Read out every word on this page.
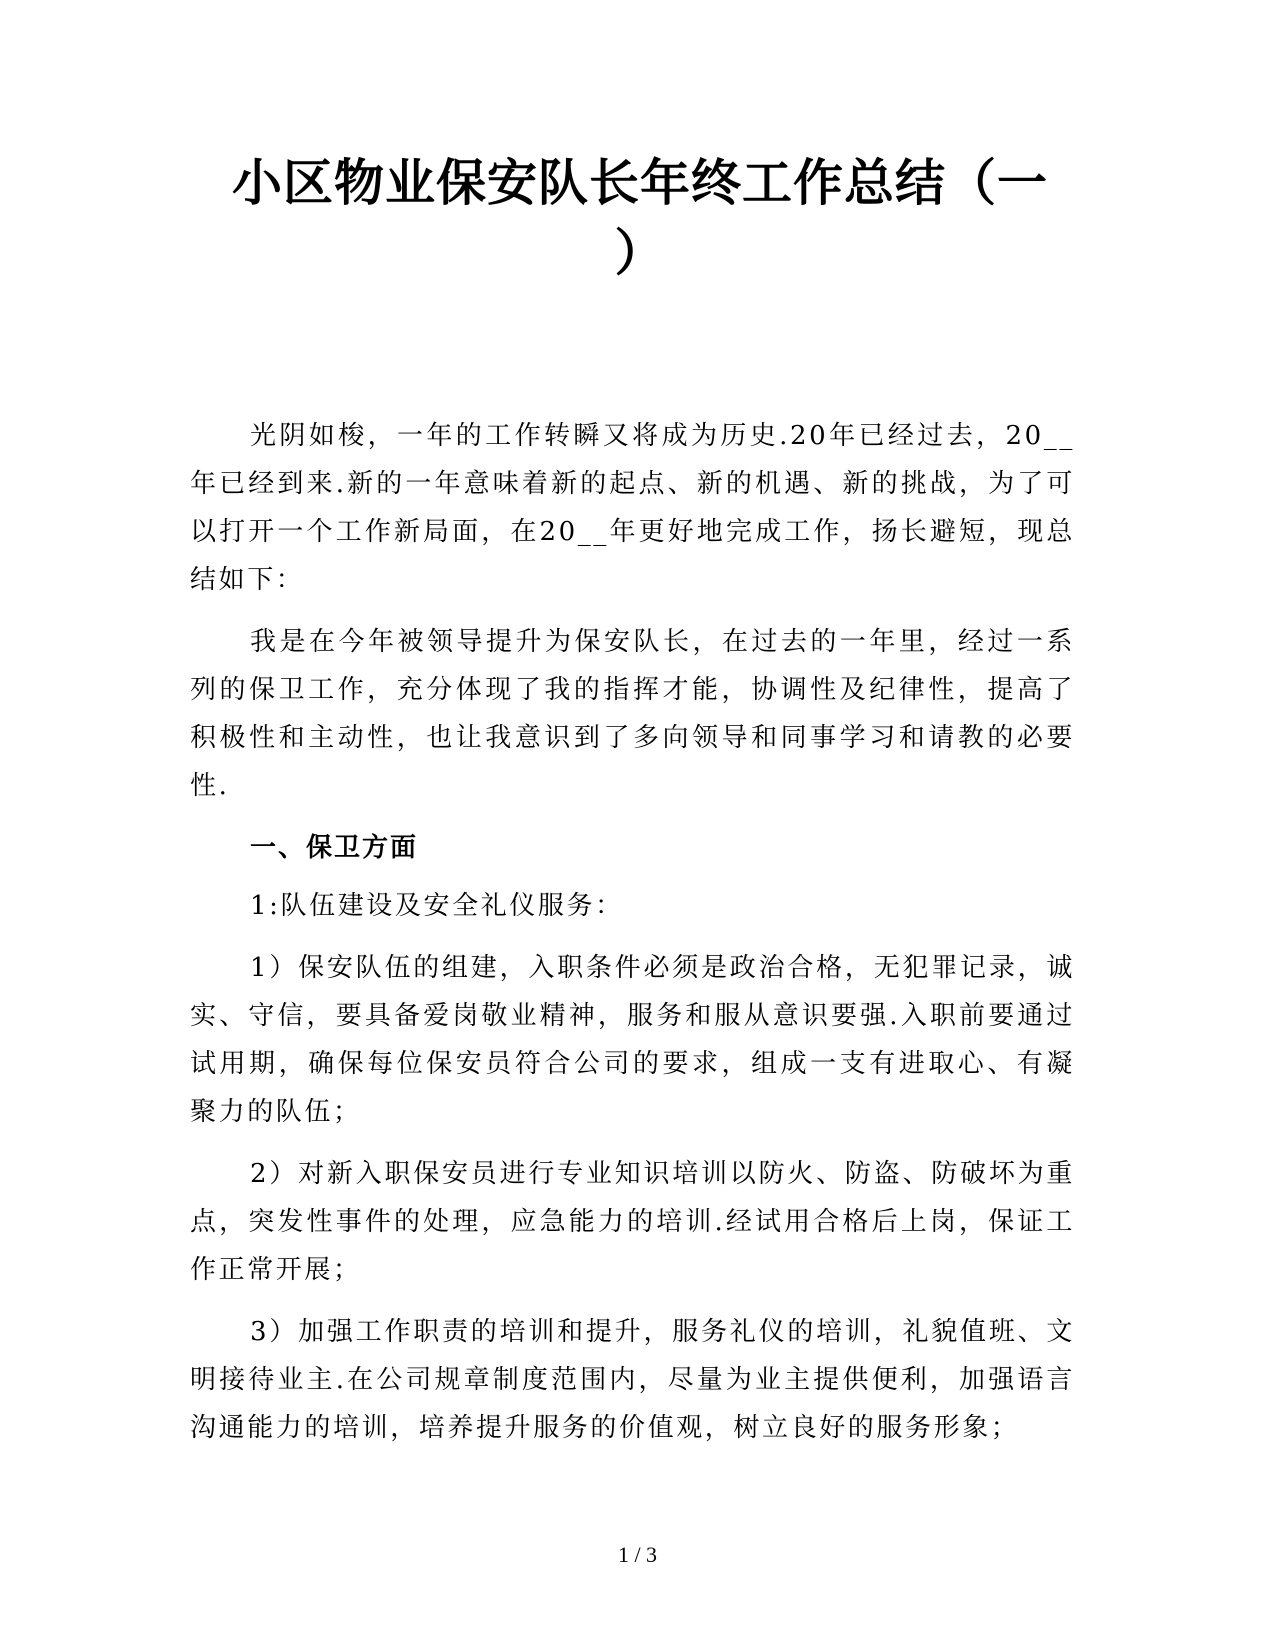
小区物业保安队长年终工作总结（一
）

光阴如梭，一年的工作转瞬又将成为历史.20年已经过去，20__年已经到来.新的一年意味着新的起点、新的机遇、新的挑战，为了可以打开一个工作新局面，在20__年更好地完成工作，扬长避短，现总结如下：

我是在今年被领导提升为保安队长，在过去的一年里，经过一系列的保卫工作，充分体现了我的指挥才能，协调性及纪律性，提高了积极性和主动性，也让我意识到了多向领导和同事学习和请教的必要性.

一、保卫方面

1:队伍建设及安全礼仪服务：

1）保安队伍的组建，入职条件必须是政治合格，无犯罪记录，诚实、守信，要具备爱岗敬业精神，服务和服从意识要强.入职前要通过试用期，确保每位保安员符合公司的要求，组成一支有进取心、有凝聚力的队伍；

2）对新入职保安员进行专业知识培训以防火、防盗、防破坏为重点，突发性事件的处理，应急能力的培训.经试用合格后上岗，保证工作正常开展；

3）加强工作职责的培训和提升，服务礼仪的培训，礼貌值班、文明接待业主.在公司规章制度范围内，尽量为业主提供便利，加强语言沟通能力的培训，培养提升服务的价值观，树立良好的服务形象；

1 / 3
